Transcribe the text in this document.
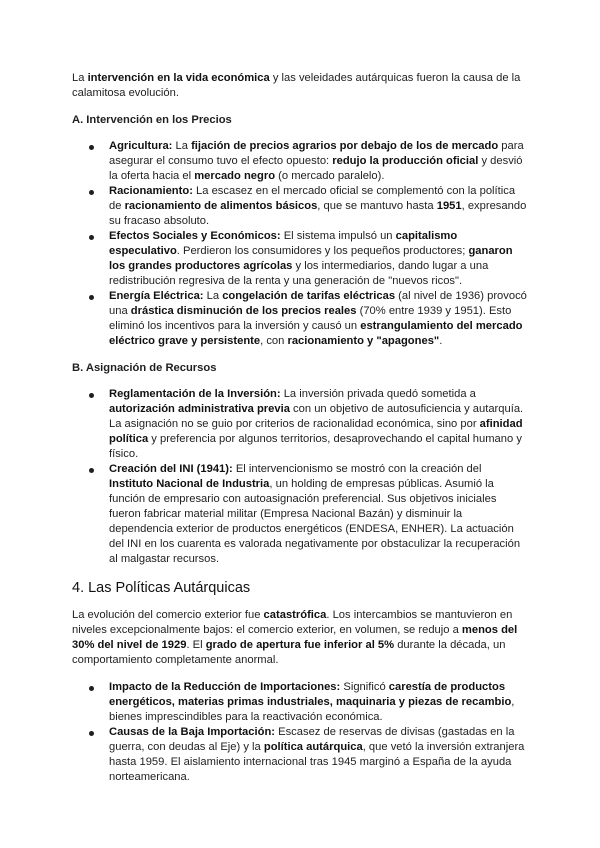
La intervención en la vida económica y las veleidades autárquicas fueron la causa de la calamitosa evolución.

A. Intervención en los Precios

Agricultura: La fijación de precios agrarios por debajo de los de mercado para asegurar el consumo tuvo el efecto opuesto: redujo la producción oficial y desvió la oferta hacia el mercado negro (o mercado paralelo).
Racionamiento: La escasez en el mercado oficial se complementó con la política de racionamiento de alimentos básicos, que se mantuvo hasta 1951, expresando su fracaso absoluto.
Efectos Sociales y Económicos: El sistema impulsó un capitalismo especulativo. Perdieron los consumidores y los pequeños productores; ganaron los grandes productores agrícolas y los intermediarios, dando lugar a una redistribución regresiva de la renta y una generación de "nuevos ricos".
Energía Eléctrica: La congelación de tarifas eléctricas (al nivel de 1936) provocó una drástica disminución de los precios reales (70% entre 1939 y 1951). Esto eliminó los incentivos para la inversión y causó un estrangulamiento del mercado eléctrico grave y persistente, con racionamiento y "apagones".

B. Asignación de Recursos

Reglamentación de la Inversión: La inversión privada quedó sometida a autorización administrativa previa con un objetivo de autosuficiencia y autarquía. La asignación no se guio por criterios de racionalidad económica, sino por afinidad política y preferencia por algunos territorios, desaprovechando el capital humano y físico.
Creación del INI (1941): El intervencionismo se mostró con la creación del Instituto Nacional de Industria, un holding de empresas públicas. Asumió la función de empresario con autoasignación preferencial. Sus objetivos iniciales fueron fabricar material militar (Empresa Nacional Bazán) y disminuir la dependencia exterior de productos energéticos (ENDESA, ENHER). La actuación del INI en los cuarenta es valorada negativamente por obstaculizar la recuperación al malgastar recursos.

4. Las Políticas Autárquicas

La evolución del comercio exterior fue catastrófica. Los intercambios se mantuvieron en niveles excepcionalmente bajos: el comercio exterior, en volumen, se redujo a menos del 30% del nivel de 1929. El grado de apertura fue inferior al 5% durante la década, un comportamiento completamente anormal.

Impacto de la Reducción de Importaciones: Significó carestía de productos energéticos, materias primas industriales, maquinaria y piezas de recambio, bienes imprescindibles para la reactivación económica.
Causas de la Baja Importación: Escasez de reservas de divisas (gastadas en la guerra, con deudas al Eje) y la política autárquica, que vetó la inversión extranjera hasta 1959. El aislamiento internacional tras 1945 marginó a España de la ayuda norteamericana.
